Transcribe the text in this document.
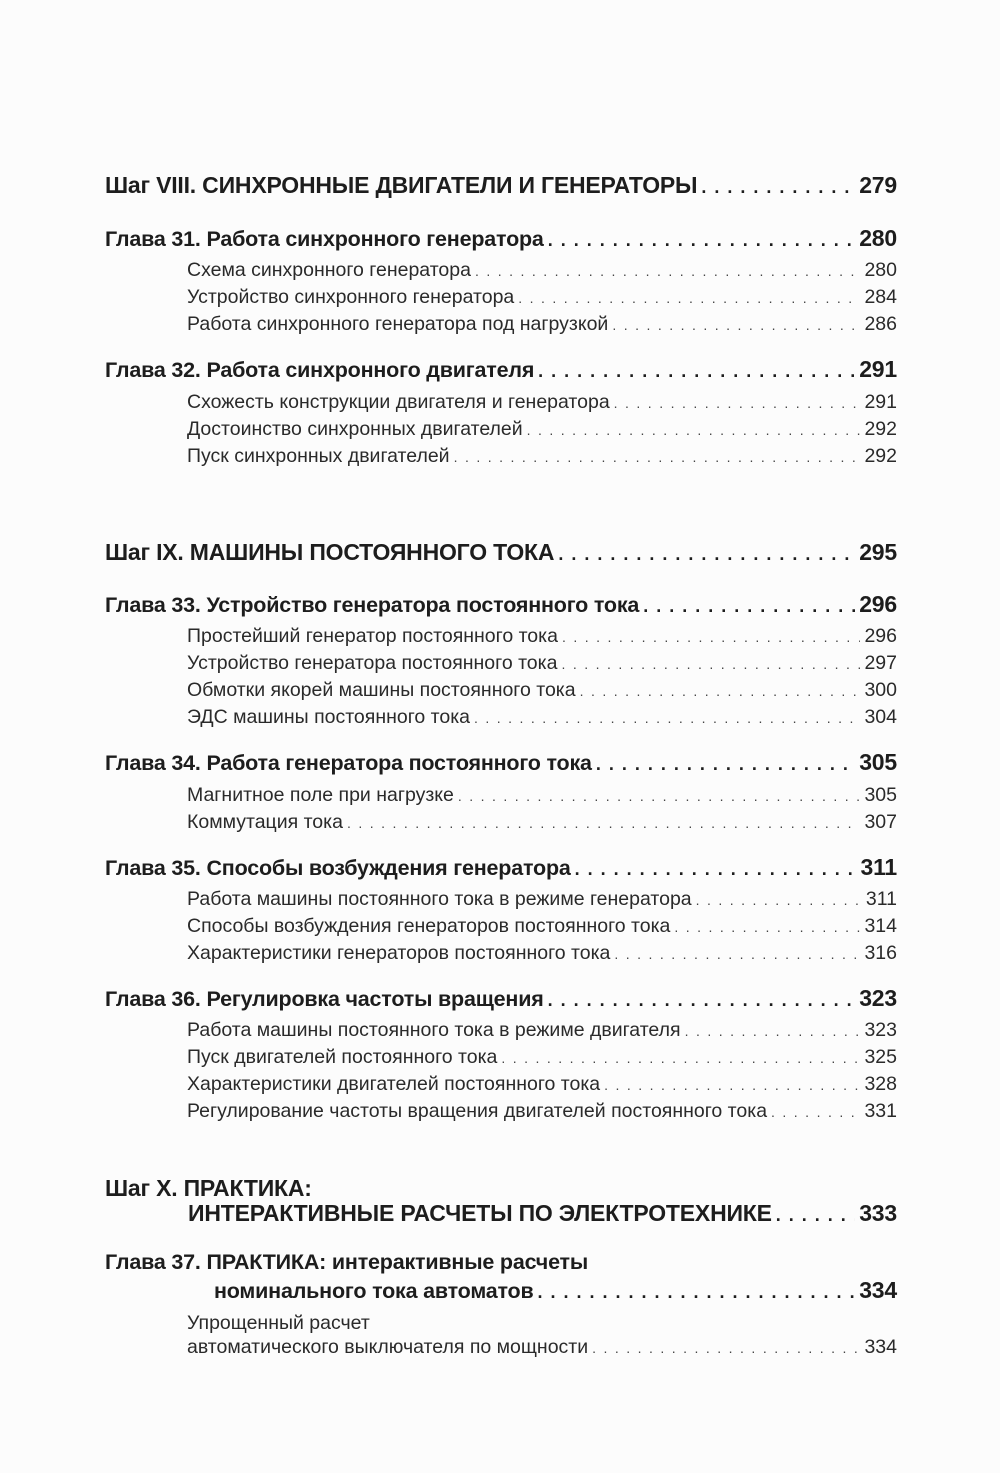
Шаг VIII. СИНХРОННЫЕ ДВИГАТЕЛИ И ГЕНЕРАТОРЫ . . .	279
Глава 31. Работа синхронного генератора . . .	280
Схема синхронного генератора . . .	280
Устройство синхронного генератора . . .	284
Работа синхронного генератора под нагрузкой . . .	286
Глава 32. Работа синхронного двигателя . . .	291
Схожесть конструкции двигателя и генератора . . .	291
Достоинство синхронных двигателей . . .	292
Пуск синхронных двигателей . . .	292
Шаг IX. МАШИНЫ ПОСТОЯННОГО ТОКА . . .	295
Глава 33. Устройство генератора постоянного тока . . .	296
Простейший генератор постоянного тока . . .	296
Устройство генератора постоянного тока . . .	297
Обмотки якорей машины постоянного тока . . .	300
ЭДС машины постоянного тока . . .	304
Глава 34. Работа генератора постоянного тока . . .	305
Магнитное поле при нагрузке . . .	305
Коммутация тока . . .	307
Глава 35. Способы возбуждения генератора . . .	311
Работа машины постоянного тока в режиме генератора . . .	311
Способы возбуждения генераторов постоянного тока . . .	314
Характеристики генераторов постоянного тока . . .	316
Глава 36. Регулировка частоты вращения . . .	323
Работа машины постоянного тока в режиме двигателя . . .	323
Пуск двигателей постоянного тока . . .	325
Характеристики двигателей постоянного тока . . .	328
Регулирование частоты вращения двигателей постоянного тока . . .	331
Шаг X. ПРАКТИКА:
ИНТЕРАКТИВНЫЕ РАСЧЕТЫ ПО ЭЛЕКТРОТЕХНИКЕ . . .	333
Глава 37. ПРАКТИКА: интерактивные расчеты
номинального тока автоматов . . .	334
Упрощенный расчет
автоматического выключателя по мощности . . .	334
